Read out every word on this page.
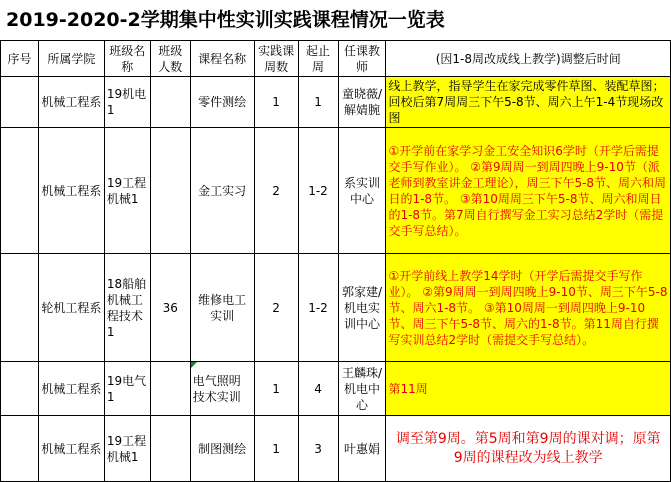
2019-2020-2学期集中性实训实践课程情况一览表
序号	所属学院	班级名称	班级人数	课程名称	实践课周数	起止周	任课教师	(因1-8周改成线上教学)调整后时间
	机械工程系	19机电1		零件测绘	1	1	童晓薇/解婧腕	线上教学，指导学生在家完成零件草图、装配草图；回校后第7周周三下午5-8节、周六上午1-4节现场改图
	机械工程系	19工程机械1		金工实习	2	1-2	系实训中心	①开学前在家学习金工安全知识6学时（开学后需提交手写作业）。 ②第9周周一到周四晚上9-10节（派老师到教室讲金工理论），周三下午5-8节、周六和周日的1-8节。 ③第10周周三下午5-8节、周六和周日的1-8节。第7周自行撰写金工实习总结2学时（需提交手写总结）。
	轮机工程系	18船舶机械工程技术1	36	维修电工实训	2	1-2	郭家建/机电实训中心	①开学前线上教学14学时（开学后需提交手写作业）。 ②第9周周一到周四晚上9-10节、周三下午5-8节、周六1-8节。 ③第10周周一到周四晚上9-10节、周三下午5-8节、周六的1-8节。第11周自行撰写实训总结2学时（需提交手写总结）。
	机械工程系	19电气1		电气照明技术实训	1	4	王麟珠/机电中心	第11周
	机械工程系	19工程机械1		制图测绘	1	3	叶惠娟	调至第9周。第5周和第9周的课对调；原第9周的课程改为线上教学
